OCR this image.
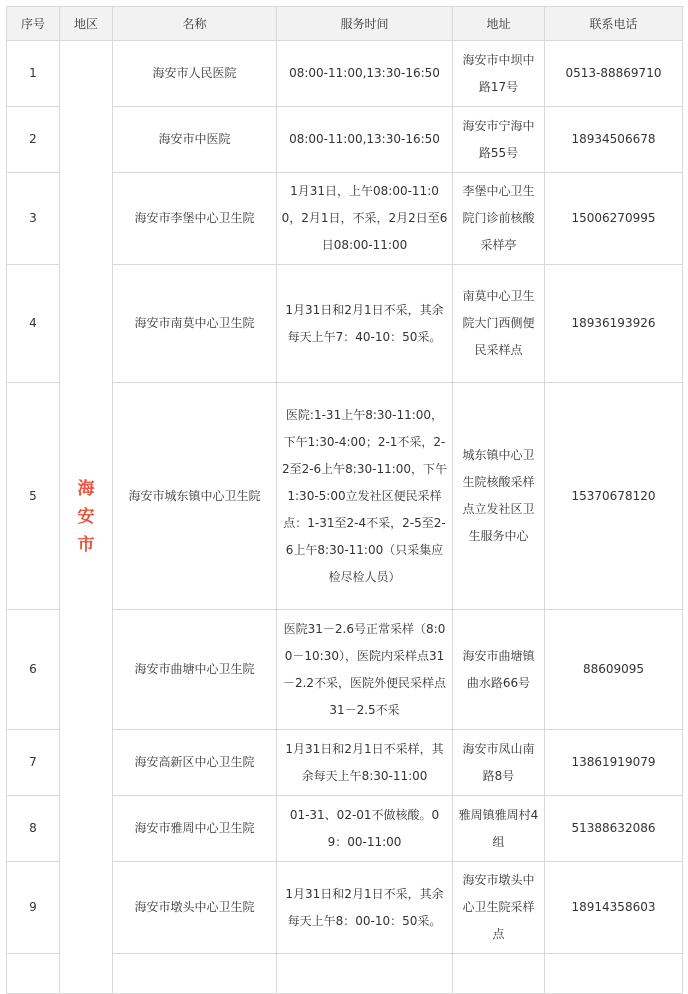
序号	地区	名称	服务时间	地址	联系电话
1	海安市	海安市人民医院	08:00-11:00,13:30-16:50	海安市中坝中路17号	0513-88869710
2		海安市中医院	08:00-11:00,13:30-16:50	海安市宁海中路55号	18934506678
3		海安市李堡中心卫生院	1月31日，上午08:00-11:00，2月1日，不采，2月2日至6日08:00-11:00	李堡中心卫生院门诊前核酸采样亭	15006270995
4		海安市南莫中心卫生院	1月31日和2月1日不采，其余每天上午7：40-10：50采。	南莫中心卫生院大门西侧便民采样点	18936193926
5		海安市城东镇中心卫生院	医院:1-31上午8:30-11:00，下午1:30-4:00；2-1不采，2-2至2-6上午8:30-11:00，下午1:30-5:00立发社区便民采样点：1-31至2-4不采，2-5至2-6上午8:30-11:00（只采集应检尽检人员）	城东镇中心卫生院核酸采样点立发社区卫生服务中心	15370678120
6		海安市曲塘中心卫生院	医院31－2.6号正常采样（8:00－10:30），医院内采样点31－2.2不采，医院外便民采样点31－2.5不采	海安市曲塘镇曲水路66号	88609095
7		海安高新区中心卫生院	1月31日和2月1日不采样，其余每天上午8:30-11:00	海安市凤山南路8号	13861919079
8		海安市雅周中心卫生院	01-31、02-01不做核酸。09：00-11:00	雅周镇雅周村4组	51388632086
9		海安市墩头中心卫生院	1月31日和2月1日不采，其余每天上午8：00-10：50采。	海安市墩头中心卫生院采样点	18914358603
